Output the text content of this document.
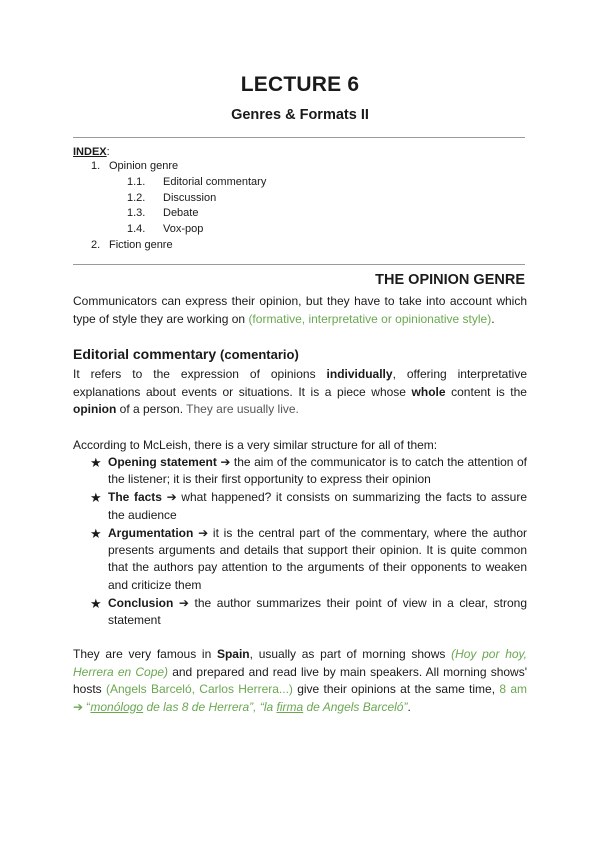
LECTURE 6
Genres & Formats II
INDEX:
1. Opinion genre
1.1. Editorial commentary
1.2. Discussion
1.3. Debate
1.4. Vox-pop
2. Fiction genre
THE OPINION GENRE
Communicators can express their opinion, but they have to take into account which type of style they are working on (formative, interpretative or opinionative style).
Editorial commentary (comentario)
It refers to the expression of opinions individually, offering interpretative explanations about events or situations. It is a piece whose whole content is the opinion of a person. They are usually live.
According to McLeish, there is a very similar structure for all of them:
★ Opening statement ➔ the aim of the communicator is to catch the attention of the listener; it is their first opportunity to express their opinion
★ The facts ➔ what happened? it consists on summarizing the facts to assure the audience
★ Argumentation ➔ it is the central part of the commentary, where the author presents arguments and details that support their opinion. It is quite common that the authors pay attention to the arguments of their opponents to weaken and criticize them
★ Conclusion ➔ the author summarizes their point of view in a clear, strong statement
They are very famous in Spain, usually as part of morning shows (Hoy por hoy, Herrera en Cope) and prepared and read live by main speakers. All morning shows' hosts (Angels Barceló, Carlos Herrera...) give their opinions at the same time, 8 am ➔ “monólogo de las 8 de Herrera”, “la firma de Angels Barceló”.
